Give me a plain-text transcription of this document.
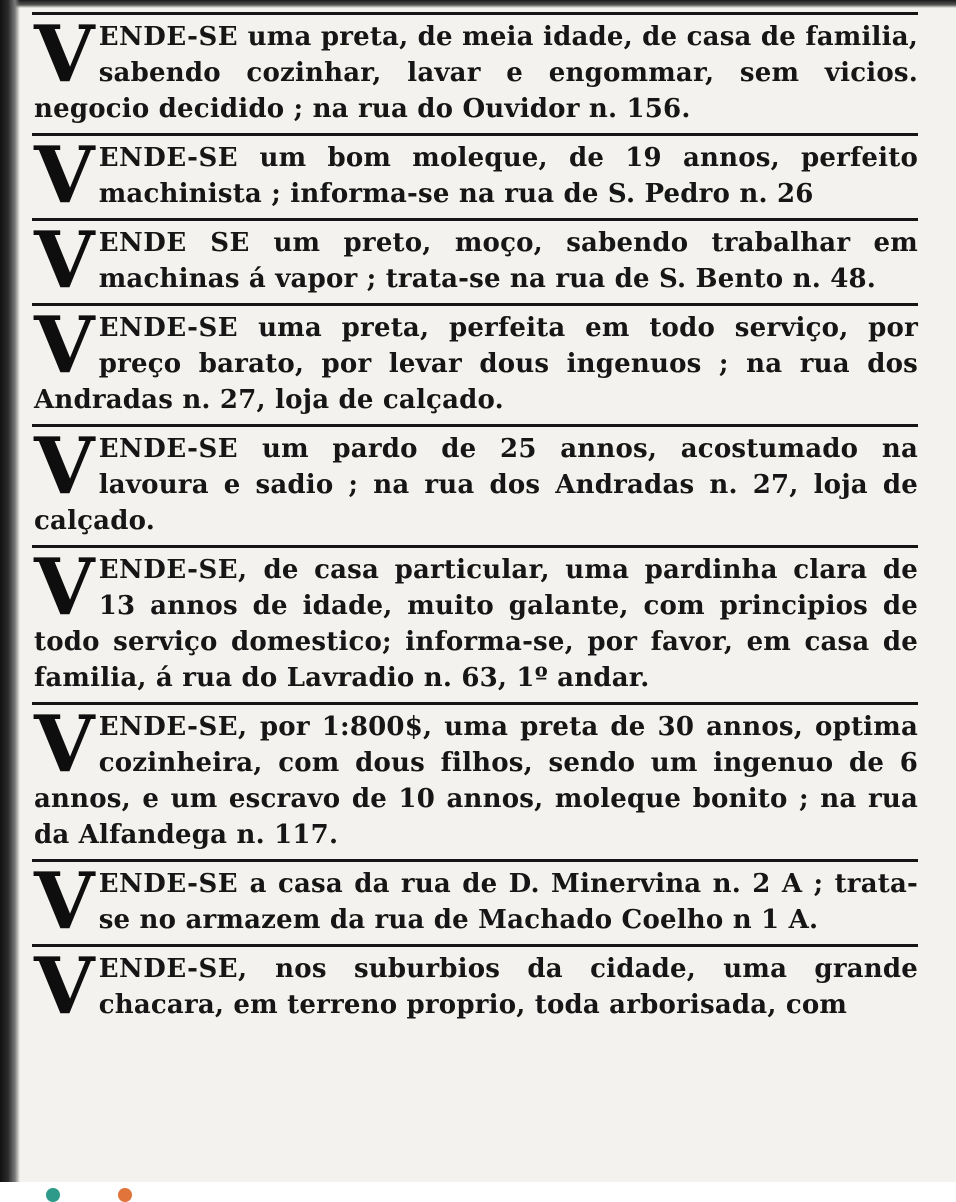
V ENDE-SE uma preta, de meia idade, de casa de familia, sabendo cozinhar, lavar e engommar, sem vicios. negocio decidido ; na rua do Ouvidor n. 156.
V ENDE-SE um bom moleque, de 19 annos, perfeito machinista ; informa-se na rua de S. Pedro n. 26
V ENDE SE um preto, moço, sabendo trabalhar em machinas á vapor ; trata-se na rua de S. Bento n. 48.
V ENDE-SE uma preta, perfeita em todo serviço, por preço barato, por levar dous ingenuos ; na rua dos Andradas n. 27, loja de calçado.
V ENDE-SE um pardo de 25 annos, acostumado na lavoura e sadio ; na rua dos Andradas n. 27, loja de calçado.
V ENDE-SE, de casa particular, uma pardinha clara de 13 annos de idade, muito galante, com principios de todo serviço domestico; informa-se, por favor, em casa de familia, á rua do Lavradio n. 63, 1º andar.
V ENDE-SE, por 1:800$, uma preta de 30 annos, optima cozinheira, com dous filhos, sendo um ingenuo de 6 annos, e um escravo de 10 annos, moleque bonito ; na rua da Alfandega n. 117.
V ENDE-SE a casa da rua de D. Minervina n. 2 A ; trata-se no armazem da rua de Machado Coelho n 1 A.
V ENDE-SE, nos suburbios da cidade, uma grande chacara, em terreno proprio, toda arborisada, com
